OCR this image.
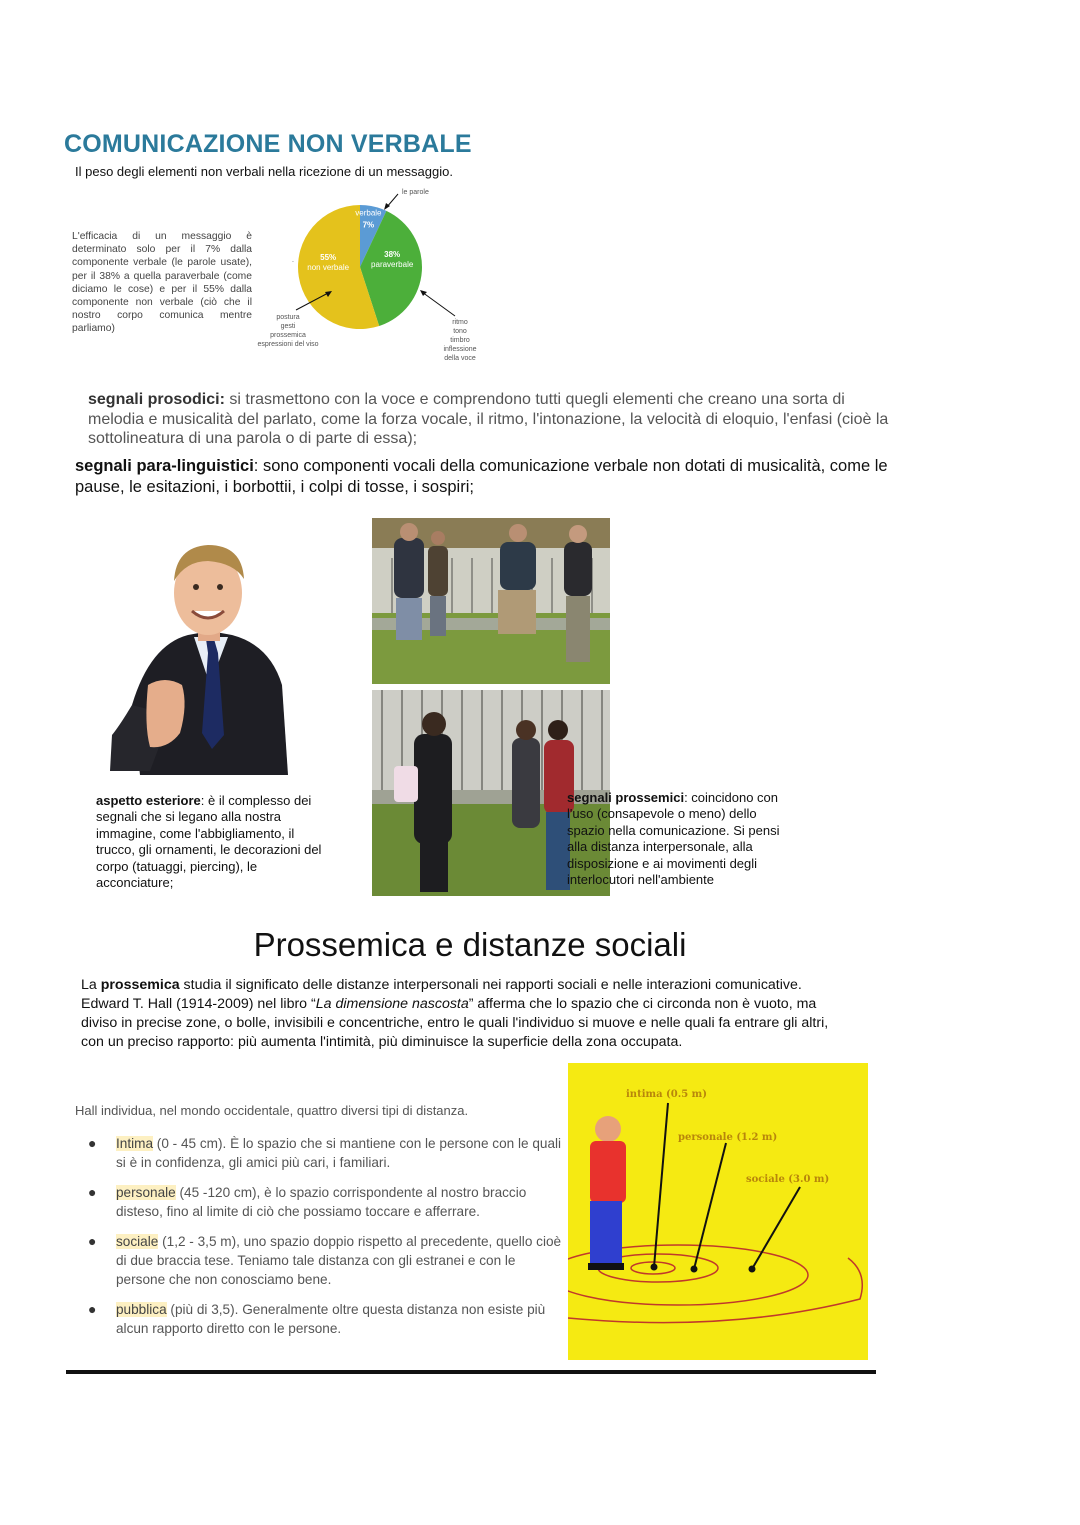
COMUNICAZIONE NON VERBALE
Il peso degli elementi non verbali nella ricezione di un messaggio.
L'efficacia di un messaggio è determinato solo per il 7% dalla componente verbale (le parole usate), per il 38% a quella paraverbale (come diciamo le cose) e per il 55% dalla componente non verbale (ciò che il nostro corpo comunica mentre parliamo)
verbale
7%
paraverbale
38%
non verbale
55%
le parole
postura
gesti
prossemica
espressioni del viso
ritmo
tono
timbro
inflessione
della voce
.
segnali prosodici: si trasmettono con la voce e comprendono tutti quegli elementi che creano una sorta di melodia e musicalità del parlato, come la forza vocale, il ritmo, l'intonazione, la velocità di eloquio, l'enfasi (cioè la sottolineatura di una parola o di parte di essa);
segnali para-linguistici: sono componenti vocali della comunicazione verbale non dotati di musicalità, come le pause, le esitazioni, i borbottii, i colpi di tosse, i sospiri;
aspetto esteriore: è il complesso dei segnali che si legano alla nostra immagine, come l'abbigliamento, il trucco, gli ornamenti, le decorazioni del corpo (tatuaggi, piercing), le acconciature;
segnali prossemici: coincidono con l'uso (consapevole o meno) dello spazio nella comunicazione. Si pensi alla distanza interpersonale, alla disposizione e ai movimenti degli interlocutori nell'ambiente
Prossemica e distanze sociali
La prossemica studia il significato delle distanze interpersonali nei rapporti sociali e nelle interazioni comunicative. Edward T. Hall (1914-2009) nel libro “La dimensione nascosta” afferma che lo spazio che ci circonda non è vuoto, ma diviso in precise zone, o bolle, invisibili e concentriche, entro le quali l'individuo si muove e nelle quali fa entrare gli altri, con un preciso rapporto: più aumenta l'intimità, più diminuisce la superficie della zona occupata.
Hall individua, nel mondo occidentale, quattro diversi tipi di distanza.
● Intima (0 - 45 cm). È lo spazio che si mantiene con le persone con le quali si è in confidenza, gli amici più cari, i familiari.
● personale (45 -120 cm), è lo spazio corrispondente al nostro braccio disteso, fino al limite di ciò che possiamo toccare e afferrare.
● sociale (1,2 - 3,5 m), uno spazio doppio rispetto al precedente, quello cioè di due braccia tese. Teniamo tale distanza con gli estranei e con le persone che non conosciamo bene.
● pubblica (più di 3,5). Generalmente oltre questa distanza non esiste più alcun rapporto diretto con le persone.
intima (0.5 m)
personale (1.2 m)
sociale (3.0 m)
